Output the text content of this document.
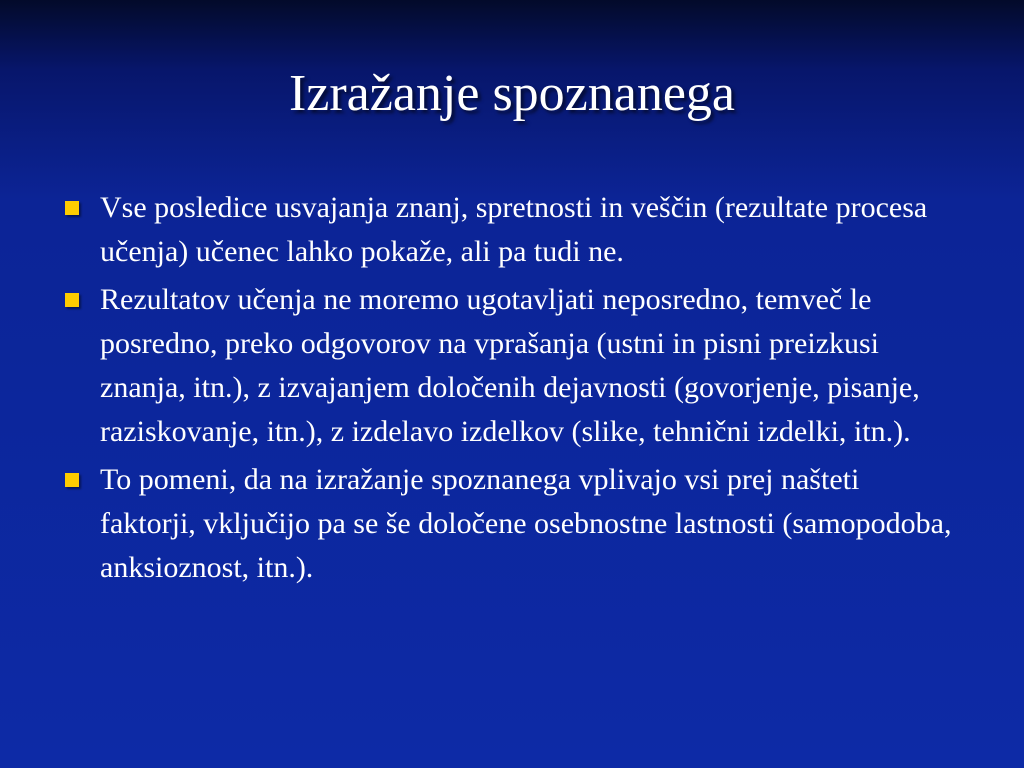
Izražanje spoznanega
Vse posledice usvajanja znanj, spretnosti in veščin (rezultate procesa učenja) učenec lahko pokaže, ali pa tudi ne.
Rezultatov učenja ne moremo ugotavljati neposredno, temveč le posredno, preko odgovorov na vprašanja (ustni in pisni preizkusi znanja, itn.), z izvajanjem določenih dejavnosti (govorjenje, pisanje, raziskovanje, itn.), z izdelavo izdelkov (slike, tehnični izdelki, itn.).
To pomeni, da na izražanje spoznanega vplivajo vsi prej našteti faktorji, vključijo pa se še določene osebnostne lastnosti (samopodoba, anksioznost, itn.).
